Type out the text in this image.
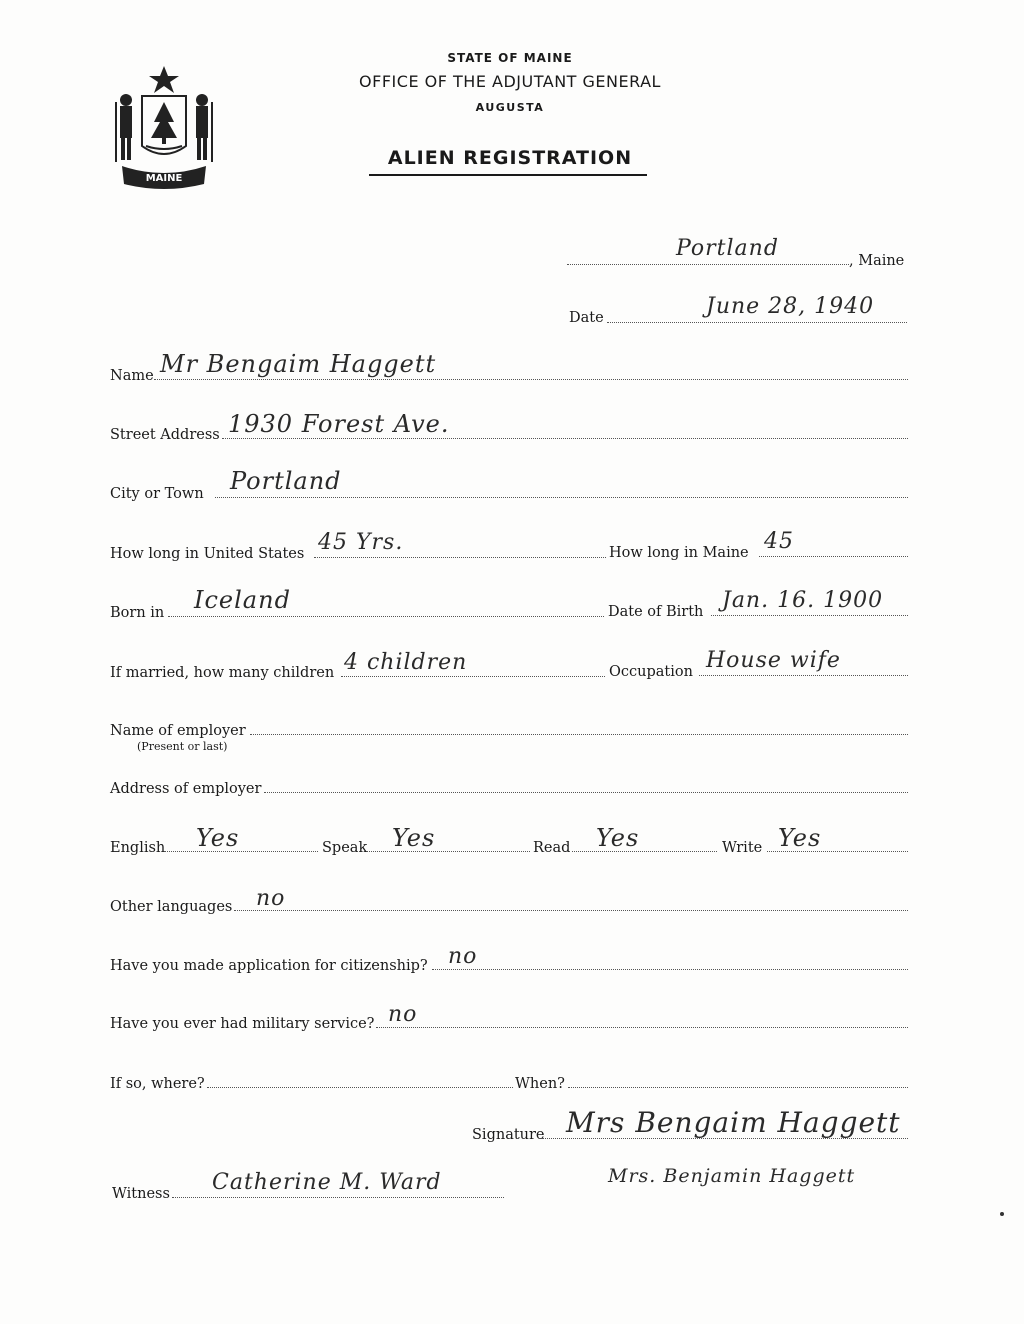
MAINE
STATE OF MAINE
OFFICE OF THE ADJUTANT GENERAL
AUGUSTA
ALIEN REGISTRATION
Portland	, Maine
Date	June 28, 1940
Name Mr Bengaim Haggett
Street Address 1930 Forest Ave.
City or Town Portland
How long in United States 45 Yrs.	How long in Maine 45
Born in Iceland	Date of Birth Jan. 16. 1900
If married, how many children 4 children	Occupation House wife
Name of employer
(Present or last)
Address of employer
English Yes	Speak Yes	Read Yes	Write Yes
Other languages no
Have you made application for citizenship? no
Have you ever had military service? no
If so, where?	When?
Signature Mrs Bengaim Haggett
Mrs. Benjamin Haggett
Witness Catherine M. Ward
